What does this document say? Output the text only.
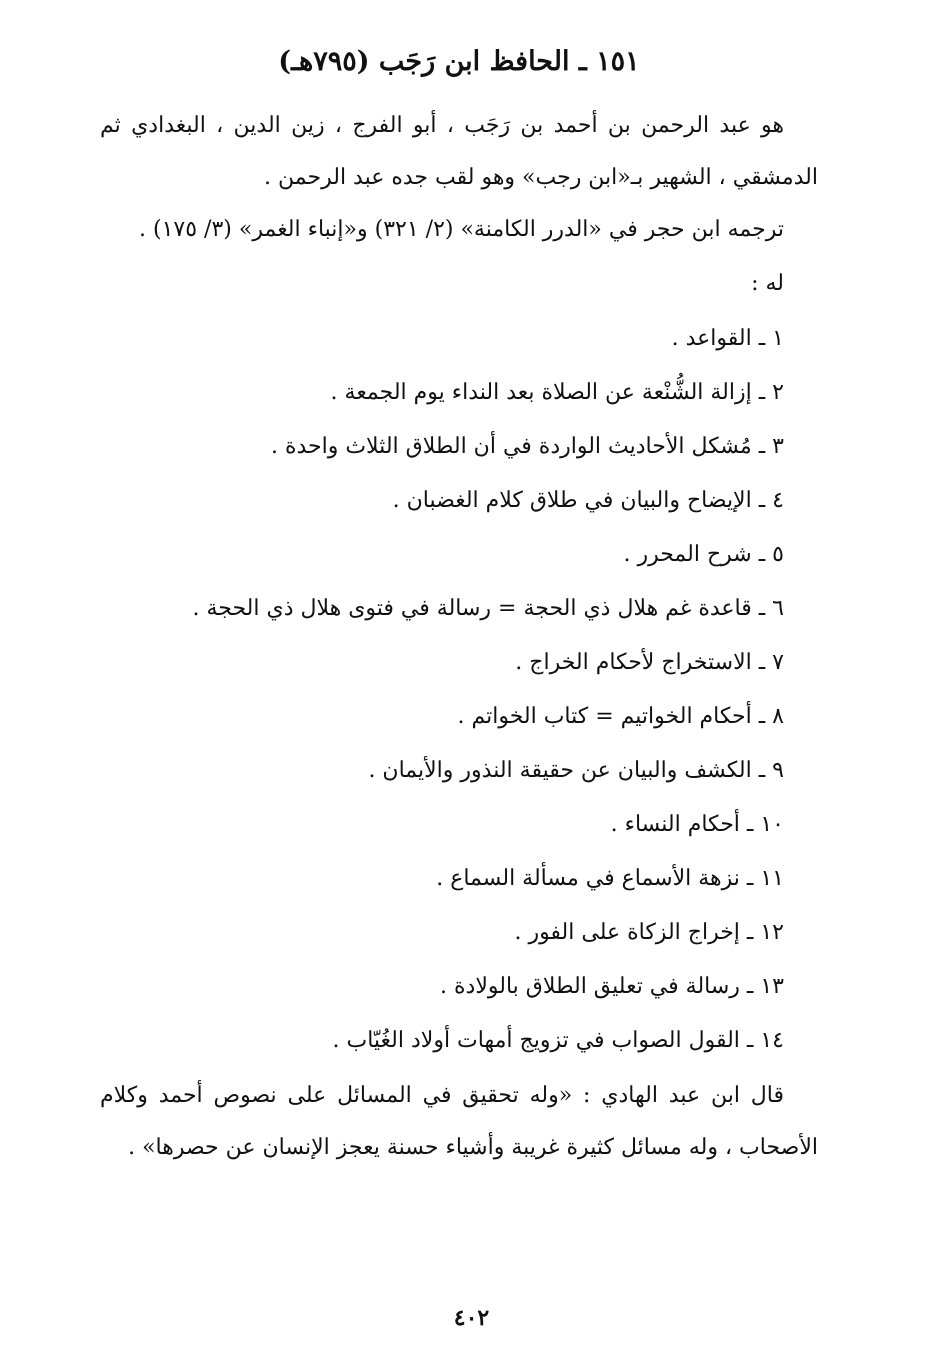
١٥١ ـ الحافظ ابن رَجَب (٧٩٥هـ)

هو عبد الرحمن بن أحمد بن رَجَب ، أبو الفرج ، زين الدين ، البغدادي ثم الدمشقي ، الشهير بـ«ابن رجب» وهو لقب جده عبد الرحمن .

ترجمه ابن حجر في «الدرر الكامنة» (٢/ ٣٢١) و«إنباء الغمر» (٣/ ١٧٥) .

له :
١ ـ القواعد .
٢ ـ إزالة الشُّنْعة عن الصلاة بعد النداء يوم الجمعة .
٣ ـ مُشكل الأحاديث الواردة في أن الطلاق الثلاث واحدة .
٤ ـ الإيضاح والبيان في طلاق كلام الغضبان .
٥ ـ شرح المحرر .
٦ ـ قاعدة غم هلال ذي الحجة = رسالة في فتوى هلال ذي الحجة .
٧ ـ الاستخراج لأحكام الخراج .
٨ ـ أحكام الخواتيم = كتاب الخواتم .
٩ ـ الكشف والبيان عن حقيقة النذور والأيمان .
١٠ ـ أحكام النساء .
١١ ـ نزهة الأسماع في مسألة السماع .
١٢ ـ إخراج الزكاة على الفور .
١٣ ـ رسالة في تعليق الطلاق بالولادة .
١٤ ـ القول الصواب في تزويج أمهات أولاد الغُيّاب .

قال ابن عبد الهادي : «وله تحقيق في المسائل على نصوص أحمد وكلام الأصحاب ، وله مسائل كثيرة غريبة وأشياء حسنة يعجز الإنسان عن حصرها» .

٤٠٢
